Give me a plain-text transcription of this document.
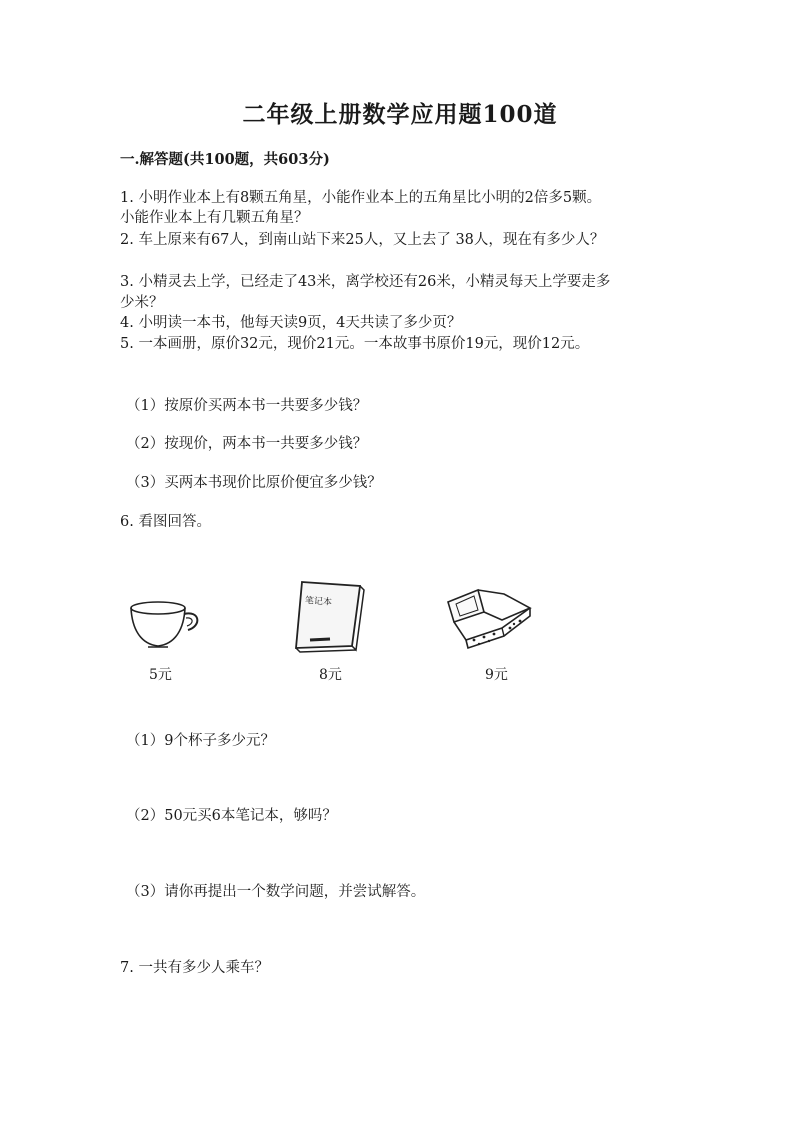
二年级上册数学应用题100道
一.解答题(共100题，共603分)
1. 小明作业本上有8颗五角星，小能作业本上的五角星比小明的2倍多5颗。
小能作业本上有几颗五角星？
2. 车上原来有67人，到南山站下来25人，又上去了 38人，现在有多少人？
3. 小精灵去上学，已经走了43米，离学校还有26米，小精灵每天上学要走多
少米？
4. 小明读一本书，他每天读9页，4天共读了多少页？
5. 一本画册，原价32元，现价21元。一本故事书原价19元，现价12元。
（1）按原价买两本书一共要多少钱？
（2）按现价，两本书一共要多少钱？
（3）买两本书现价比原价便宜多少钱？
6. 看图回答。
5元
笔记本
8元	9元
（1）9个杯子多少元？
（2）50元买6本笔记本，够吗？
（3）请你再提出一个数学问题，并尝试解答。
7. 一共有多少人乘车？
